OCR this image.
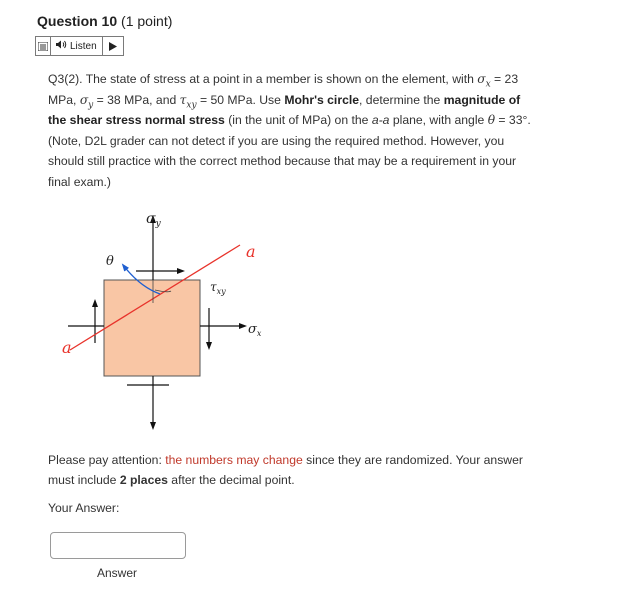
Question 10 (1 point)
Listen
Q3(2). The state of stress at a point in a member is shown on the element, with $\sigma_x = 23$ MPa, $\sigma_y = 38$ MPa, and $\tau_{xy} = 50$ MPa. Use Mohr's circle, determine the magnitude of the shear stress normal stress (in the unit of MPa) on the a-a plane, with angle θ = 33°. (Note, D2L grader can not detect if you are using the required method. However, you should still practice with the correct method because that may be a requirement in your final exam.)
$\sigma_y$
θ
a
$\tau_{xy}$
$\sigma_x$
a
Please pay attention: the numbers may change since they are randomized. Your answer must include 2 places after the decimal point.
Your Answer:
Answer
